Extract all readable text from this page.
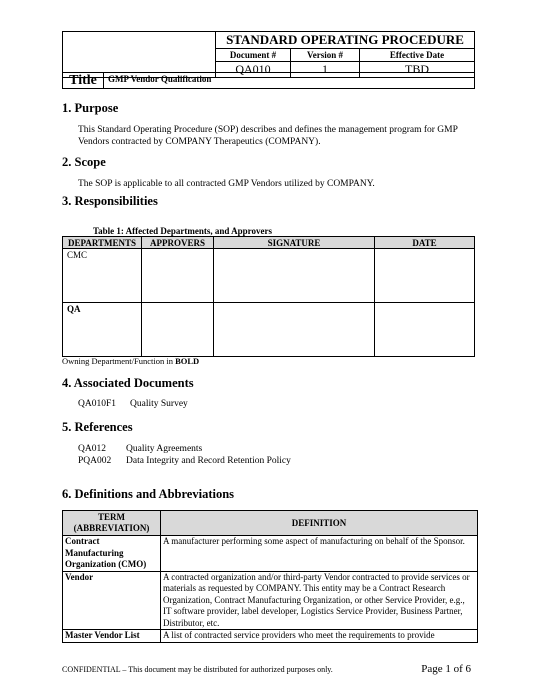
	STANDARD OPERATING PROCEDURE		
	Document #	Version #	Effective Date
	QA010	1	TBD
Title	GMP Vendor Qualification
1. Purpose
This Standard Operating Procedure (SOP) describes and defines the management program for GMP Vendors contracted by COMPANY Therapeutics (COMPANY).
2. Scope
The SOP is applicable to all contracted GMP Vendors utilized by COMPANY.
3. Responsibilities
Table 1: Affected Departments, and Approvers
DEPARTMENTS	APPROVERS	SIGNATURE	DATE
CMC			
QA			
Owning Department/Function in BOLD
4. Associated Documents
QA010F1 Quality Survey
5. References
QA012 Quality Agreements
PQA002 Data Integrity and Record Retention Policy
6. Definitions and Abbreviations
TERM (ABBREVIATION)	DEFINITION
Contract Manufacturing Organization (CMO)	A manufacturer performing some aspect of manufacturing on behalf of the Sponsor.
Vendor	A contracted organization and/or third-party Vendor contracted to provide services or materials as requested by COMPANY. This entity may be a Contract Research Organization, Contract Manufacturing Organization, or other Service Provider, e.g., IT software provider, label developer, Logistics Service Provider, Business Partner, Distributor, etc.
Master Vendor List	A list of contracted service providers who meet the requirements to provide
CONFIDENTIAL – This document may be distributed for authorized purposes only.	Page 1 of 6
